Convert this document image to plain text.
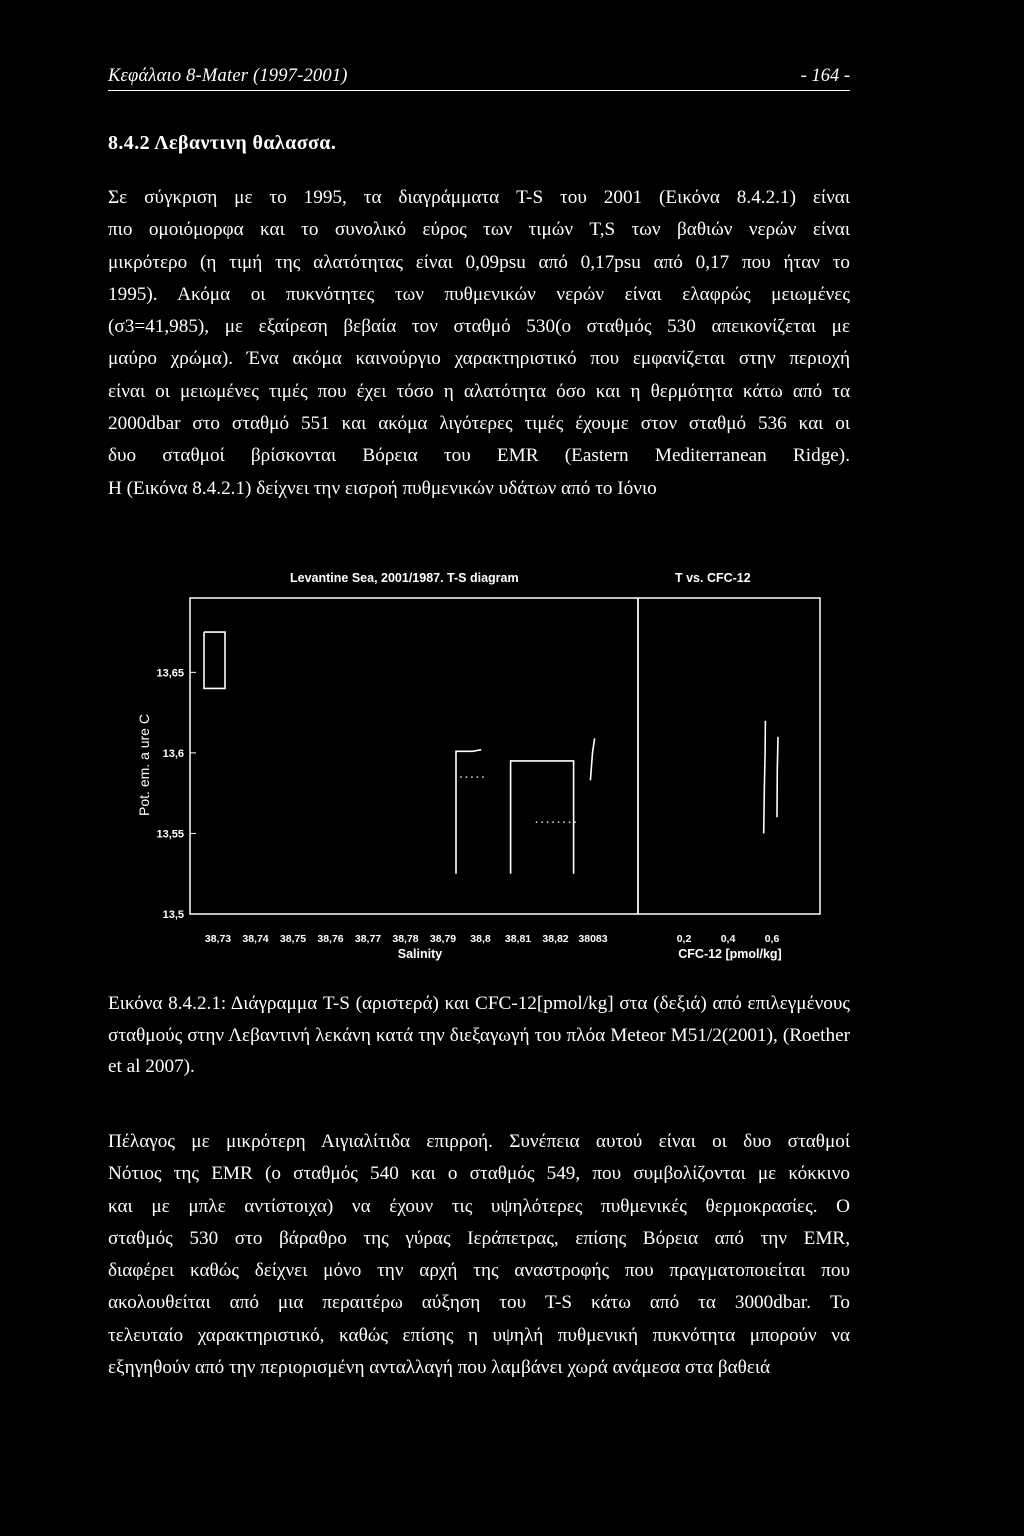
Κεφάλαιο 8-Mater (1997-2001)	- 164 -
8.4.2 Λεβαντινη θαλασσα.
Σε σύγκριση με το 1995, τα διαγράμματα T-S του 2001 (Εικόνα 8.4.2.1) είναι
πιο ομοιόμορφα και το συνολικό εύρος των τιμών T,S των βαθιών νερών είναι
μικρότερο (η τιμή της αλατότητας είναι 0,09psu από 0,17psu από 0,17 που ήταν το
1995). Ακόμα οι πυκνότητες των πυθμενικών νερών είναι ελαφρώς μειωμένες
(σ3=41,985), με εξαίρεση βεβαία τον σταθμό 530(ο σταθμός 530 απεικονίζεται με
μαύρο χρώμα). Ένα ακόμα καινούργιο χαρακτηριστικό που εμφανίζεται στην περιοχή
είναι οι μειωμένες τιμές που έχει τόσο η αλατότητα όσο και η θερμότητα κάτω από τα
2000dbar στο σταθμό 551 και ακόμα λιγότερες τιμές έχουμε στον σταθμό 536 και οι
δυο σταθμοί βρίσκονται Βόρεια του EMR (Eastern Mediterranean Ridge).
Η (Εικόνα 8.4.2.1) δείχνει την εισροή πυθμενικών υδάτων από το Ιόνιο
Levantine Sea, 2001/1987. T-S diagram	T vs. CFC-12
Pot. em. a ure C
Salinity	CFC-12 [pmol/kg]
13,65
13,6
13,55
13,5
38,73 38,74 38,75 38,76 38,77 38,78 38,79 38,8 38,81 38,82 38083	0,2	0,4	0,6

Εικόνα 8.4.2.1: Διάγραμμα T-S (αριστερά) και CFC-12[pmol/kg] στα (δεξιά) από επιλεγμένους σταθμούς στην Λεβαντινή λεκάνη κατά την διεξαγωγή του πλόα Meteor M51/2(2001), (Roether et al 2007).

Πέλαγος με μικρότερη Αιγιαλίτιδα επιρροή. Συνέπεια αυτού είναι οι δυο σταθμοί
Νότιος της EMR (ο σταθμός 540 και ο σταθμός 549, που συμβολίζονται με κόκκινο
και με μπλε αντίστοιχα) να έχουν τις υψηλότερες πυθμενικές θερμοκρασίες. Ο
σταθμός 530 στο βάραθρο της γύρας Ιεράπετρας, επίσης Βόρεια από την EMR,
διαφέρει καθώς δείχνει μόνο την αρχή της αναστροφής που πραγματοποιείται που
ακολουθείται από μια περαιτέρω αύξηση του T-S κάτω από τα 3000dbar. Το
τελευταίο χαρακτηριστικό, καθώς επίσης η υψηλή πυθμενική πυκνότητα μπορούν να
εξηγηθούν από την περιορισμένη ανταλλαγή που λαμβάνει χωρά ανάμεσα στα βαθειά
